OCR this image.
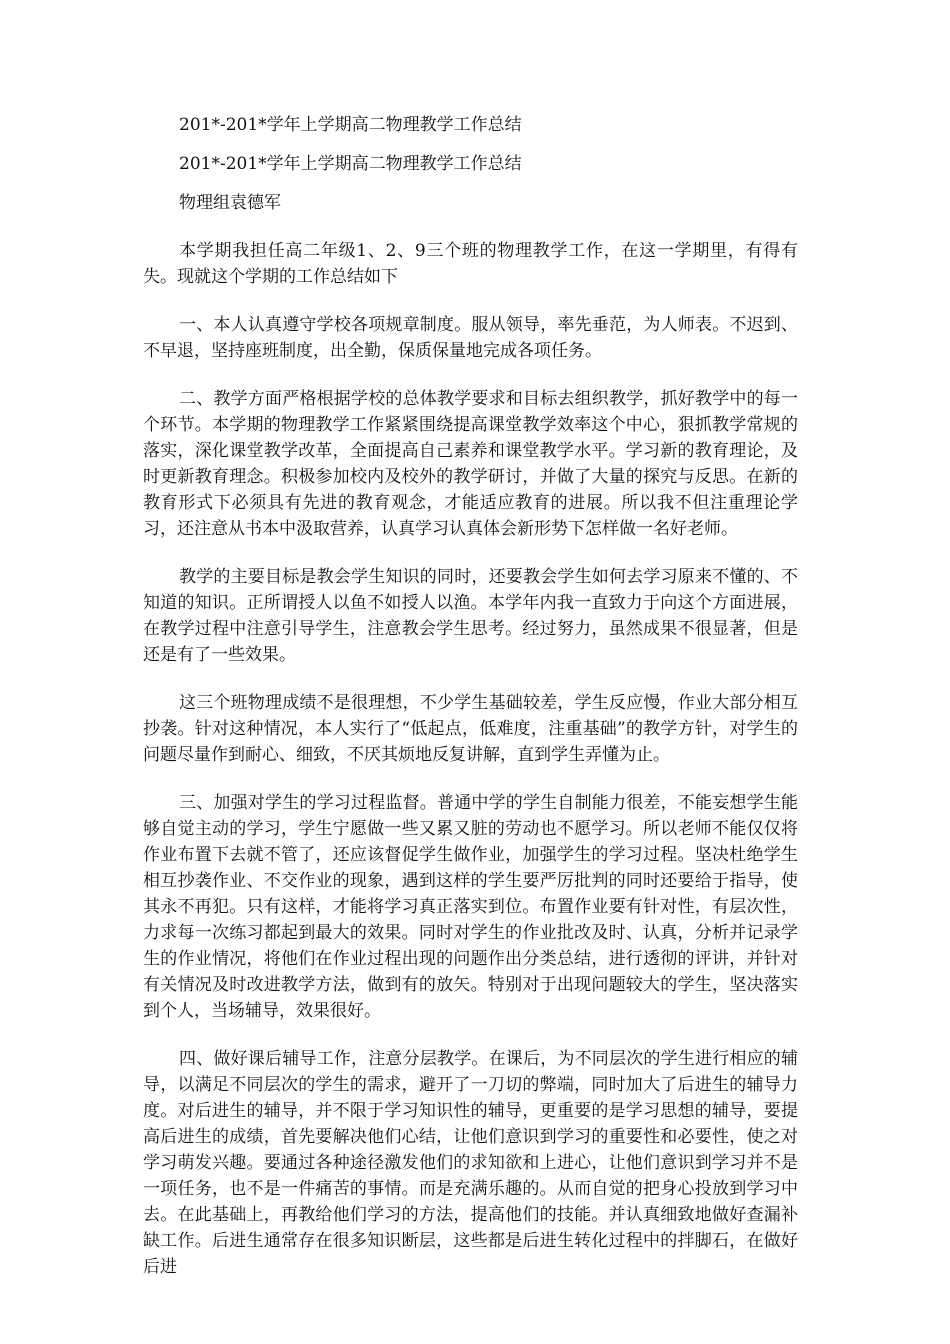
201*-201*学年上学期高二物理教学工作总结

201*-201*学年上学期高二物理教学工作总结

物理组袁德军

本学期我担任高二年级1、2、9三个班的物理教学工作，在这一学期里，有得有失。现就这个学期的工作总结如下

一、本人认真遵守学校各项规章制度。服从领导，率先垂范，为人师表。不迟到、不早退，坚持座班制度，出全勤，保质保量地完成各项任务。

二、教学方面严格根据学校的总体教学要求和目标去组织教学，抓好教学中的每一个环节。本学期的物理教学工作紧紧围绕提高课堂教学效率这个中心，狠抓教学常规的落实，深化课堂教学改革，全面提高自己素养和课堂教学水平。学习新的教育理论，及时更新教育理念。积极参加校内及校外的教学研讨，并做了大量的探究与反思。在新的教育形式下必须具有先进的教育观念，才能适应教育的进展。所以我不但注重理论学习，还注意从书本中汲取营养，认真学习认真体会新形势下怎样做一名好老师。

教学的主要目标是教会学生知识的同时，还要教会学生如何去学习原来不懂的、不知道的知识。正所谓授人以鱼不如授人以渔。本学年内我一直致力于向这个方面进展，在教学过程中注意引导学生，注意教会学生思考。经过努力，虽然成果不很显著，但是还是有了一些效果。

这三个班物理成绩不是很理想，不少学生基础较差，学生反应慢，作业大部分相互抄袭。针对这种情况，本人实行了“低起点，低难度，注重基础”的教学方针，对学生的问题尽量作到耐心、细致，不厌其烦地反复讲解，直到学生弄懂为止。

三、加强对学生的学习过程监督。普通中学的学生自制能力很差，不能妄想学生能够自觉主动的学习，学生宁愿做一些又累又脏的劳动也不愿学习。所以老师不能仅仅将作业布置下去就不管了，还应该督促学生做作业，加强学生的学习过程。坚决杜绝学生相互抄袭作业、不交作业的现象，遇到这样的学生要严厉批判的同时还要给于指导，使其永不再犯。只有这样，才能将学习真正落实到位。布置作业要有针对性，有层次性，力求每一次练习都起到最大的效果。同时对学生的作业批改及时、认真，分析并记录学生的作业情况，将他们在作业过程出现的问题作出分类总结，进行透彻的评讲，并针对有关情况及时改进教学方法，做到有的放矢。特别对于出现问题较大的学生，坚决落实到个人，当场辅导，效果很好。

四、做好课后辅导工作，注意分层教学。在课后，为不同层次的学生进行相应的辅导，以满足不同层次的学生的需求，避开了一刀切的弊端，同时加大了后进生的辅导力度。对后进生的辅导，并不限于学习知识性的辅导，更重要的是学习思想的辅导，要提高后进生的成绩，首先要解决他们心结，让他们意识到学习的重要性和必要性，使之对学习萌发兴趣。要通过各种途径激发他们的求知欲和上进心，让他们意识到学习并不是一项任务，也不是一件痛苦的事情。而是充满乐趣的。从而自觉的把身心投放到学习中去。在此基础上，再教给他们学习的方法，提高他们的技能。并认真细致地做好查漏补缺工作。后进生通常存在很多知识断层，这些都是后进生转化过程中的拌脚石，在做好后进
